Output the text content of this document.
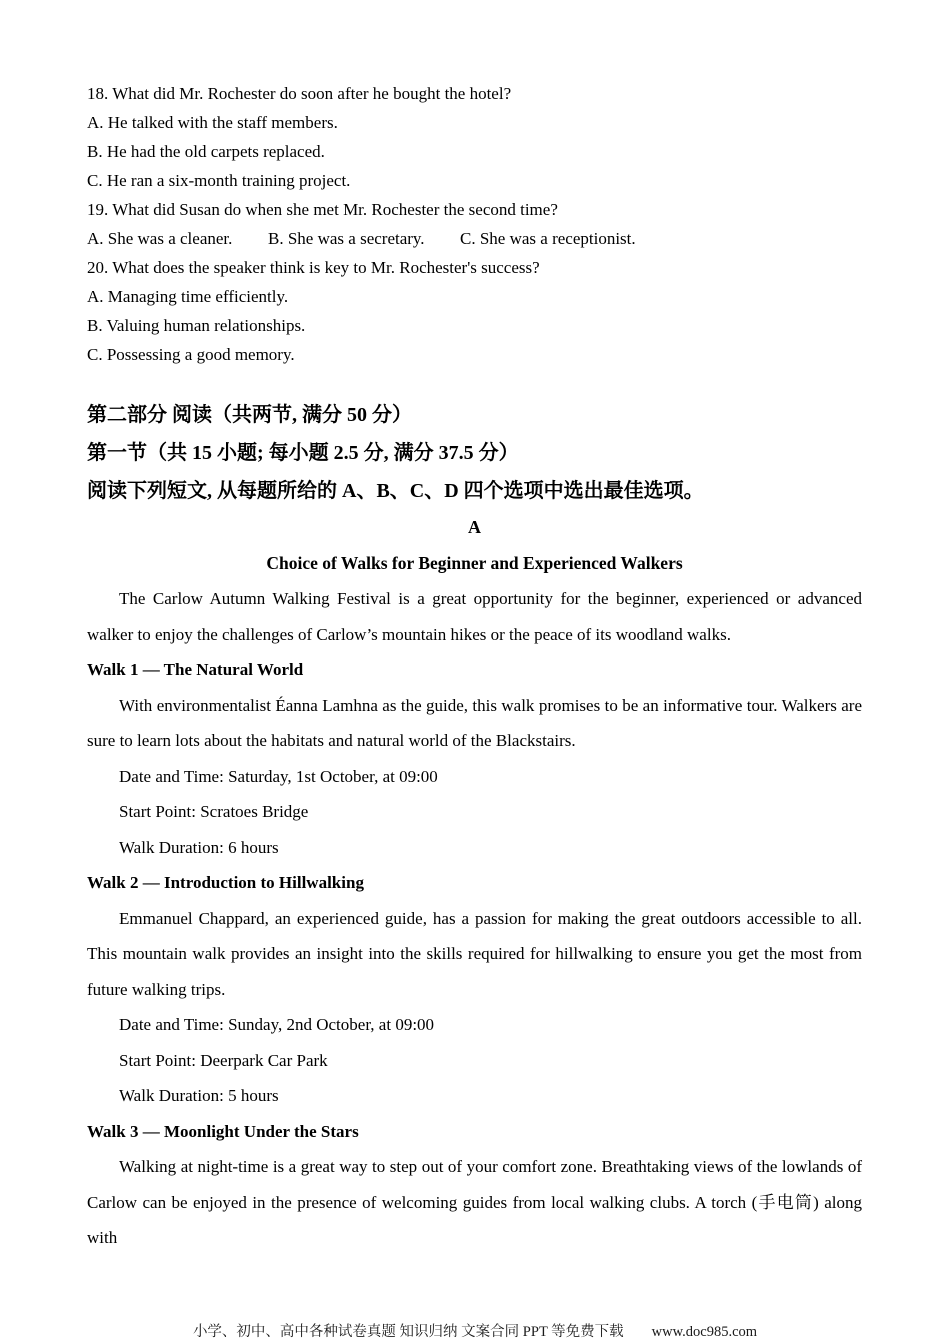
18. What did Mr. Rochester do soon after he bought the hotel?

A. He talked with the staff members.

B. He had the old carpets replaced.

C. He ran a six-month training project.

19. What did Susan do when she met Mr. Rochester the second time?

A. She was a cleaner. B. She was a secretary. C. She was a receptionist.

20. What does the speaker think is key to Mr. Rochester's success?

A. Managing time efficiently.

B. Valuing human relationships.

C. Possessing a good memory.

第二部分 阅读（共两节, 满分 50 分）

第一节（共 15 小题; 每小题 2.5 分, 满分 37.5 分）

阅读下列短文, 从每题所给的 A、B、C、D 四个选项中选出最佳选项。

A

Choice of Walks for Beginner and Experienced Walkers

The Carlow Autumn Walking Festival is a great opportunity for the beginner, experienced or advanced walker to enjoy the challenges of Carlow’s mountain hikes or the peace of its woodland walks.

Walk 1 — The Natural World

With environmentalist Éanna Lamhna as the guide, this walk promises to be an informative tour. Walkers are sure to learn lots about the habitats and natural world of the Blackstairs.

Date and Time: Saturday, 1st October, at 09:00

Start Point: Scratoes Bridge

Walk Duration: 6 hours

Walk 2 — Introduction to Hillwalking

Emmanuel Chappard, an experienced guide, has a passion for making the great outdoors accessible to all. This mountain walk provides an insight into the skills required for hillwalking to ensure you get the most from future walking trips.

Date and Time: Sunday, 2nd October, at 09:00

Start Point: Deerpark Car Park

Walk Duration: 5 hours

Walk 3 — Moonlight Under the Stars

Walking at night-time is a great way to step out of your comfort zone. Breathtaking views of the lowlands of Carlow can be enjoyed in the presence of welcoming guides from local walking clubs. A torch (手电筒) along with

小学、初中、高中各种试卷真题 知识归纳 文案合同 PPT 等免费下载 www.doc985.com
